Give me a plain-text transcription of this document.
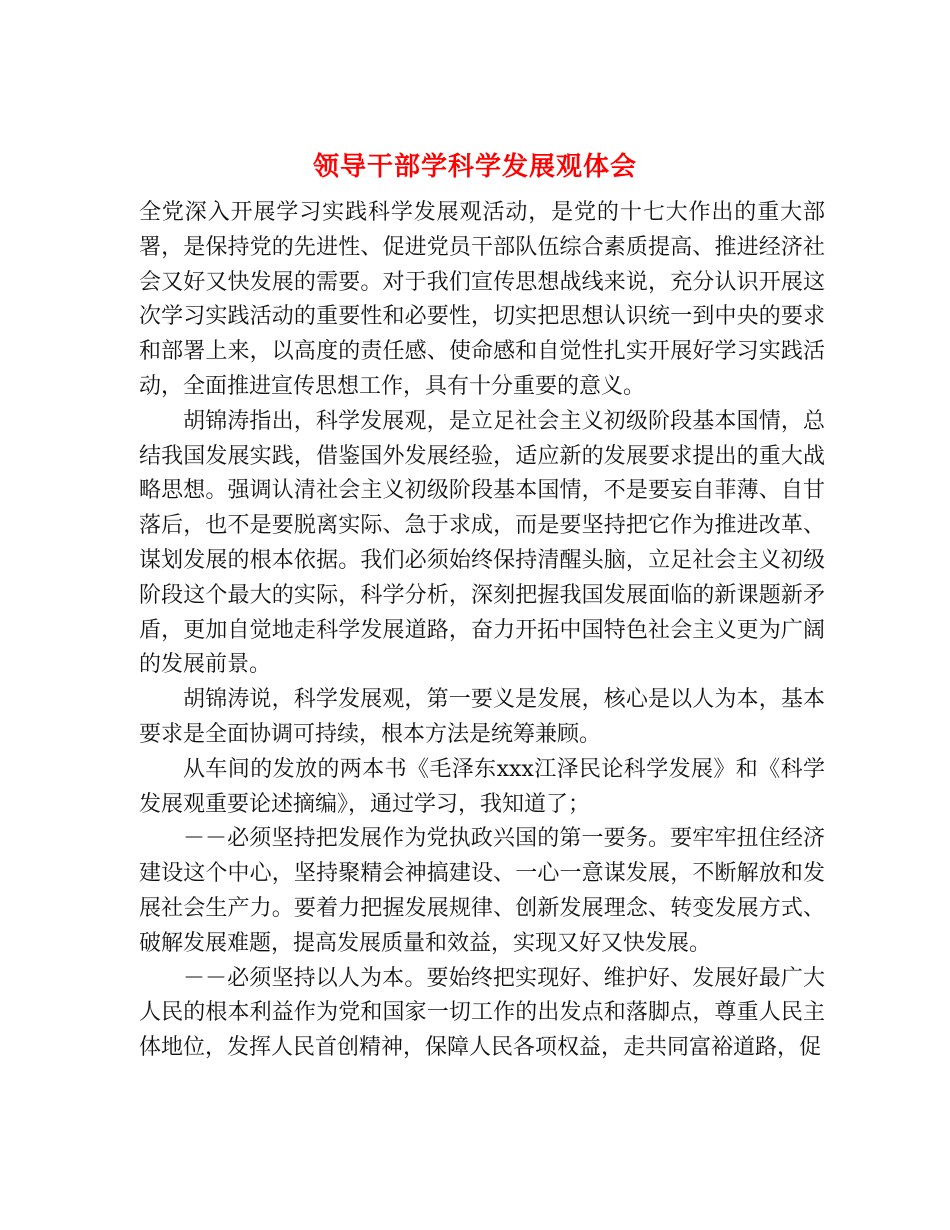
领导干部学科学发展观体会

全党深入开展学习实践科学发展观活动，是党的十七大作出的重大部署，是保持党的先进性、促进党员干部队伍综合素质提高、推进经济社会又好又快发展的需要。对于我们宣传思想战线来说，充分认识开展这次学习实践活动的重要性和必要性，切实把思想认识统一到中央的要求和部署上来，以高度的责任感、使命感和自觉性扎实开展好学习实践活动，全面推进宣传思想工作，具有十分重要的意义。

胡锦涛指出，科学发展观，是立足社会主义初级阶段基本国情，总结我国发展实践，借鉴国外发展经验，适应新的发展要求提出的重大战略思想。强调认清社会主义初级阶段基本国情，不是要妄自菲薄、自甘落后，也不是要脱离实际、急于求成，而是要坚持把它作为推进改革、谋划发展的根本依据。我们必须始终保持清醒头脑，立足社会主义初级阶段这个最大的实际，科学分析，深刻把握我国发展面临的新课题新矛盾，更加自觉地走科学发展道路，奋力开拓中国特色社会主义更为广阔的发展前景。

胡锦涛说，科学发展观，第一要义是发展，核心是以人为本，基本要求是全面协调可持续，根本方法是统筹兼顾。

从车间的发放的两本书《毛泽东xxx江泽民论科学发展》和《科学发展观重要论述摘编》，通过学习，我知道了；

－－必须坚持把发展作为党执政兴国的第一要务。要牢牢扭住经济建设这个中心，坚持聚精会神搞建设、一心一意谋发展，不断解放和发展社会生产力。要着力把握发展规律、创新发展理念、转变发展方式、破解发展难题，提高发展质量和效益，实现又好又快发展。

－－必须坚持以人为本。要始终把实现好、维护好、发展好最广大人民的根本利益作为党和国家一切工作的出发点和落脚点，尊重人民主体地位，发挥人民首创精神，保障人民各项权益，走共同富裕道路，促
